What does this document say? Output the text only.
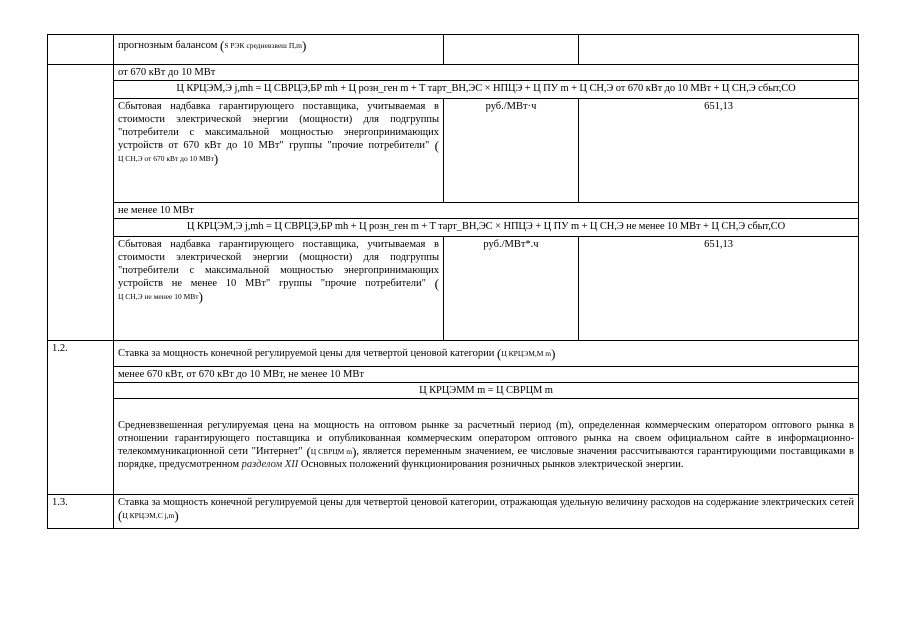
	прогнозным балансом (S РЭК средневзвеш П,m)		
	от 670 кВт до 10 МВт		
	Ц КРЦЭМ,Э j,mh = Ц СВРЦЭ,БР mh + Ц розн_ген m + T тарт_ВН,ЭС × НПЦЭ + Ц ПУ m + Ц СН,Э от 670 кВт до 10 МВт + Ц СН,Э сбыт,СО		
	Сбытовая надбавка гарантирующего поставщика, учитываемая в стоимости электрической энергии (мощности) для подгруппы "потребители с максимальной мощностью энергопринимающих устройств от 670 кВт до 10 МВт" группы "прочие потребители" (Ц СН,Э от 670 кВт до 10 МВт)	руб./МВт·ч	651,13
	не менее 10 МВт		
	Ц КРЦЭМ,Э j,mh = Ц СВРЦЭ,БР mh + Ц розн_ген m + T тарт_ВН,ЭС × НПЦЭ + Ц ПУ m + Ц СН,Э не менее 10 МВт + Ц СН,Э сбыт,СО		
	Сбытовая надбавка гарантирующего поставщика, учитываемая в стоимости электрической энергии (мощности) для подгруппы "потребители с максимальной мощностью энергопринимающих устройств не менее 10 МВт" группы "прочие потребители" (Ц СН,Э не менее 10 МВт)	руб./МВт*.ч	651,13
1.2.	Ставка за мощность конечной регулируемой цены для четвертой ценовой категории (Ц КРЦЭМ,М m)		
	менее 670 кВт, от 670 кВт до 10 МВт, не менее 10 МВт		
	Ц КРЦЭММ m = Ц СВРЦМ m		
	Средневзвешенная регулируемая цена на мощность на оптовом рынке за расчетный период (m), определенная коммерческим оператором оптового рынка в отношении гарантирующего поставщика и опубликованная коммерческим оператором оптового рынка на своем официальном сайте в информационно-телекоммуникационной сети "Интернет" (Ц СВРЦМ m), является переменным значением, ее числовые значения рассчитываются гарантирующими поставщиками в порядке, предусмотренном разделом XII Основных положений функционирования розничных рынков электрической энергии.		
1.3.	Ставка за мощность конечной регулируемой цены для четвертой ценовой категории, отражающая удельную величину расходов на содержание электрических сетей (Ц КРЦЭМ,С j,m)		
